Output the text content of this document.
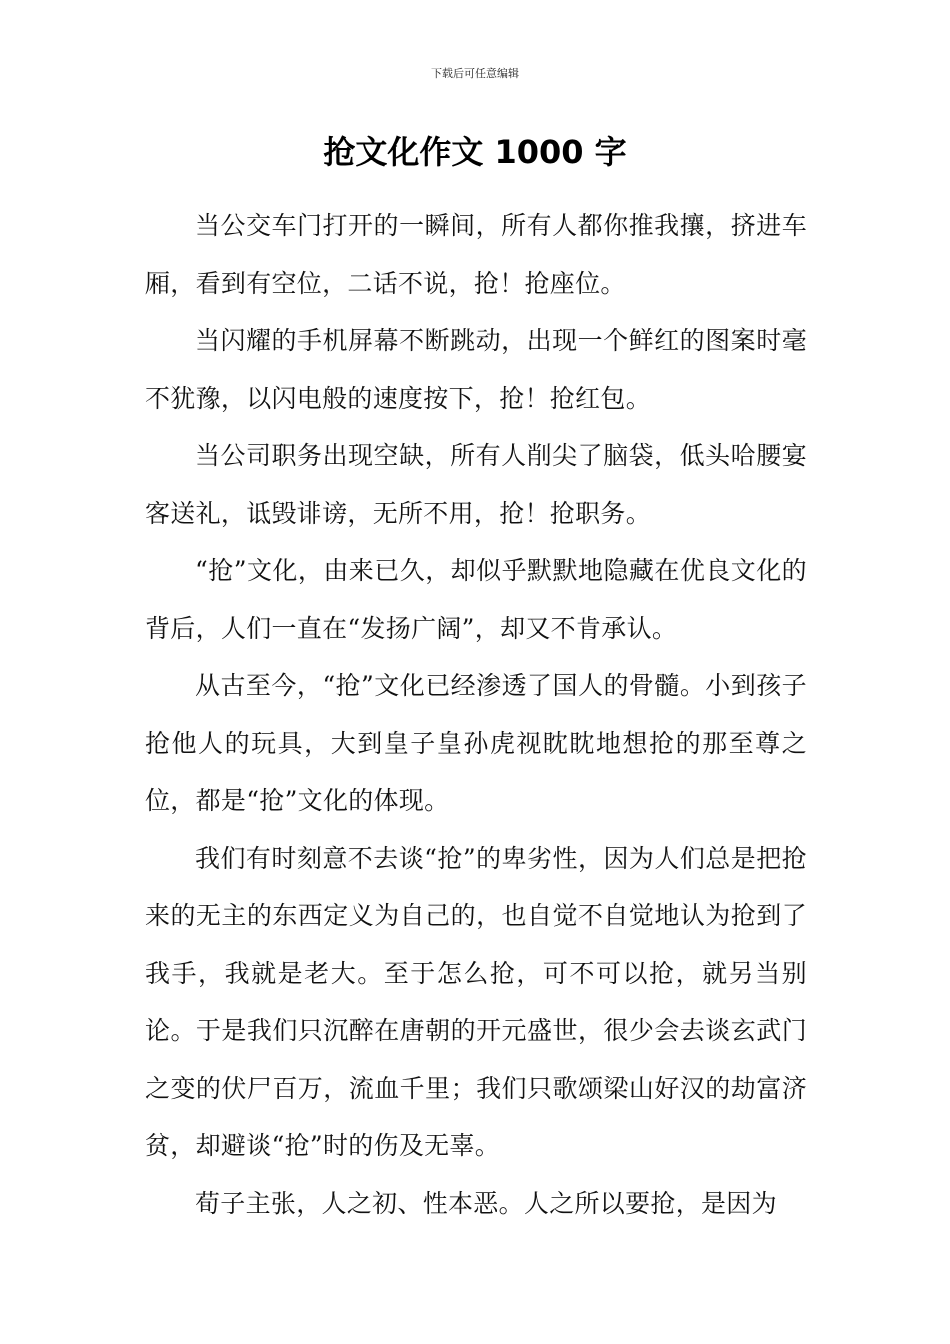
下载后可任意编辑
抢文化作文 1000 字

当公交车门打开的一瞬间，所有人都你推我攘，挤进车厢，看到有空位，二话不说，抢！抢座位。

当闪耀的手机屏幕不断跳动，出现一个鲜红的图案时毫不犹豫，以闪电般的速度按下，抢！抢红包。

当公司职务出现空缺，所有人削尖了脑袋，低头哈腰宴客送礼，诋毁诽谤，无所不用，抢！抢职务。

“抢”文化，由来已久，却似乎默默地隐藏在优良文化的背后，人们一直在“发扬广阔”，却又不肯承认。

从古至今，“抢”文化已经渗透了国人的骨髓。小到孩子抢他人的玩具，大到皇子皇孙虎视眈眈地想抢的那至尊之位，都是“抢”文化的体现。

我们有时刻意不去谈“抢”的卑劣性，因为人们总是把抢来的无主的东西定义为自己的，也自觉不自觉地认为抢到了我手，我就是老大。至于怎么抢，可不可以抢，就另当别论。于是我们只沉醉在唐朝的开元盛世，很少会去谈玄武门之变的伏尸百万，流血千里；我们只歌颂梁山好汉的劫富济贫，却避谈“抢”时的伤及无辜。

荀子主张，人之初、性本恶。人之所以要抢，是因为
